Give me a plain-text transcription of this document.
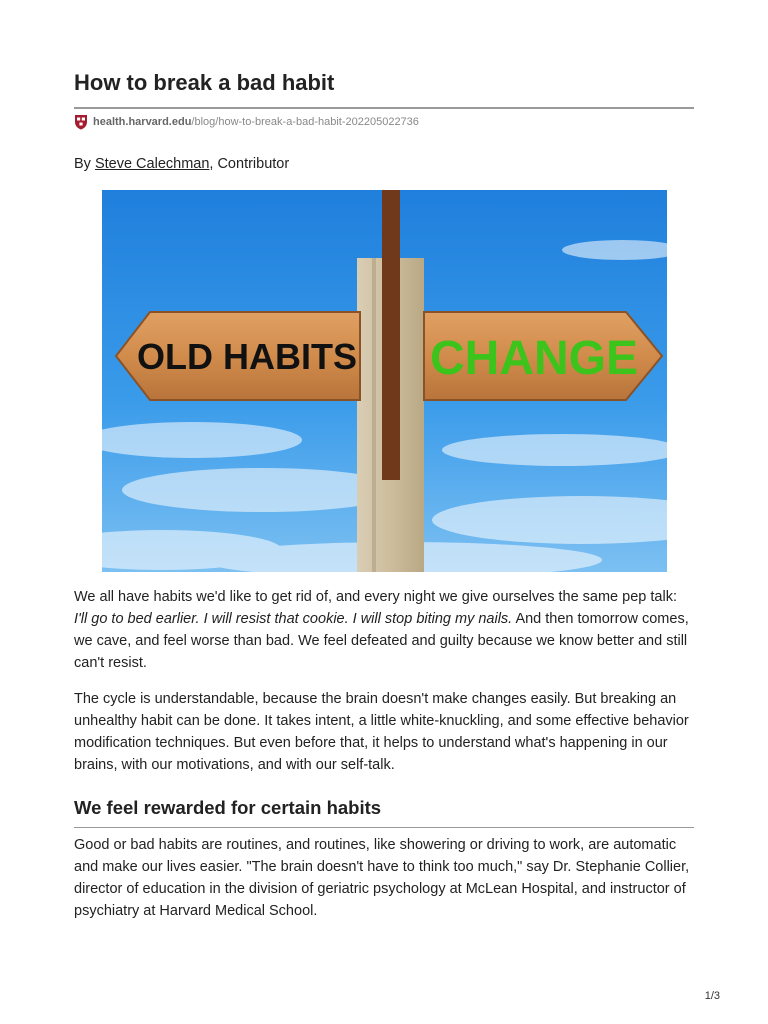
How to break a bad habit
health.harvard.edu /blog/how-to-break-a-bad-habit-202205022736
By Steve Calechman, Contributor
OLD HABITS CHANGE

We all have habits we'd like to get rid of, and every night we give ourselves the same pep talk: I'll go to bed earlier. I will resist that cookie. I will stop biting my nails. And then tomorrow comes, we cave, and feel worse than bad. We feel defeated and guilty because we know better and still can't resist.

The cycle is understandable, because the brain doesn't make changes easily. But breaking an unhealthy habit can be done. It takes intent, a little white-knuckling, and some effective behavior modification techniques. But even before that, it helps to understand what's happening in our brains, with our motivations, and with our self-talk.

We feel rewarded for certain habits

Good or bad habits are routines, and routines, like showering or driving to work, are automatic and make our lives easier. "The brain doesn't have to think too much," say Dr. Stephanie Collier, director of education in the division of geriatric psychology at McLean Hospital, and instructor of psychiatry at Harvard Medical School.

1/3
